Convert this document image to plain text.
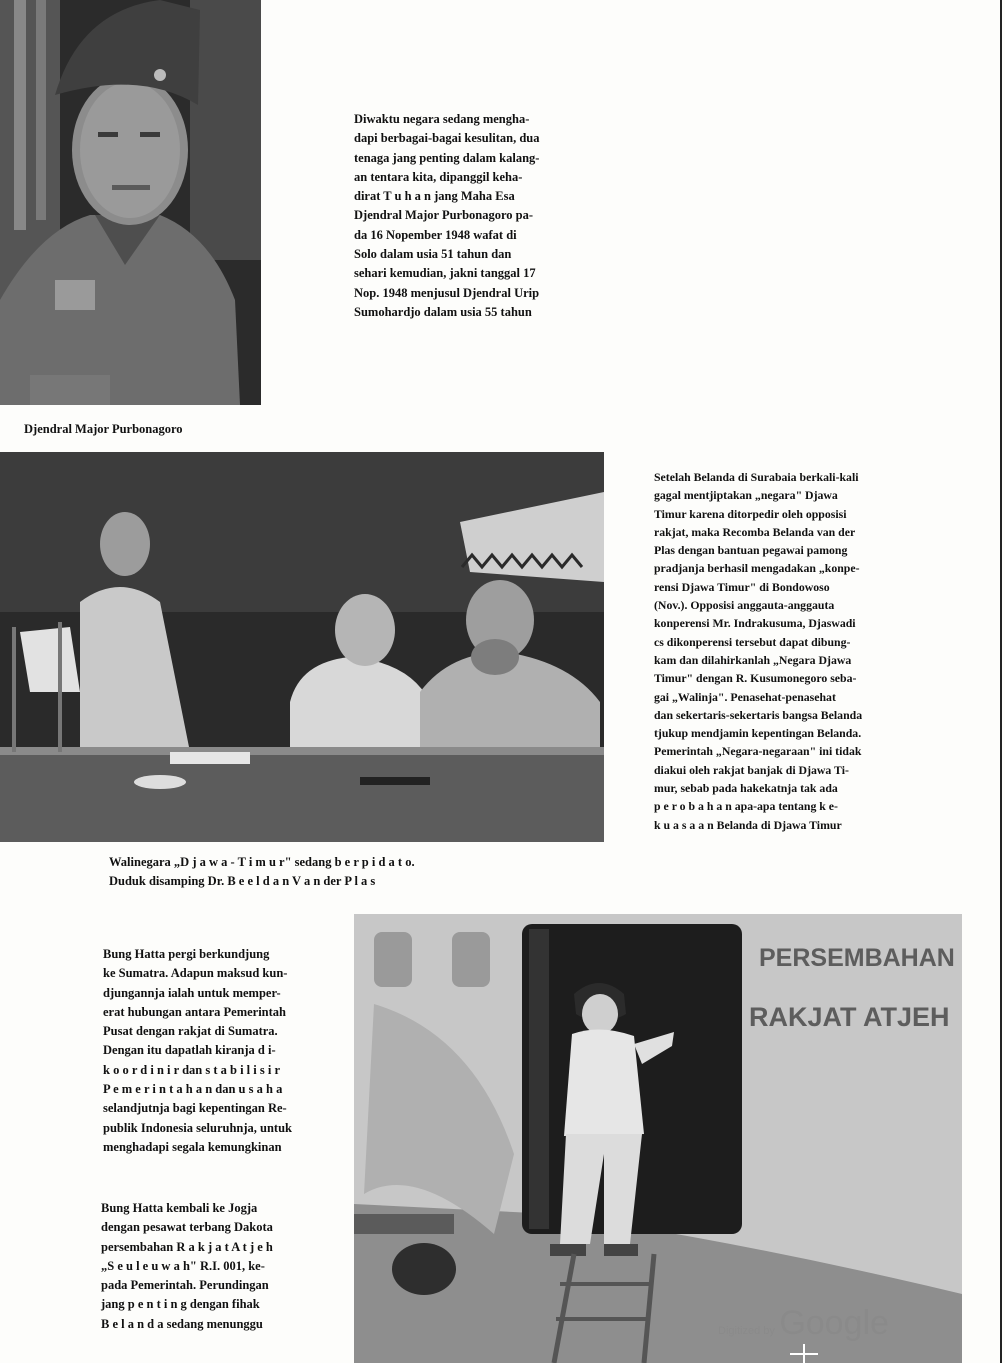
Djendral Major Purbonagoro
Diwaktu negara sedang mengha-
dapi berbagai-bagai kesulitan, dua
tenaga jang penting dalam kalang-
an tentara kita, dipanggil keha-
dirat T u h a n jang Maha Esa
Djendral Major Purbonagoro pa-
da 16 Nopember 1948 wafat di
Solo dalam usia 51 tahun dan
sehari kemudian, jakni tanggal 17
Nop. 1948 menjusul Djendral Urip
Sumohardjo dalam usia 55 tahun
Walinegara „D j a w a - T i m u r" sedang b e r p i d a t o.
Duduk disamping Dr. B e e l d a n V a n der P l a s
Setelah Belanda di Surabaia berkali-kali
gagal mentjiptakan „negara" Djawa
Timur karena ditorpedir oleh opposisi
rakjat, maka Recomba Belanda van der
Plas dengan bantuan pegawai pamong
pradjanja berhasil mengadakan „konpe-
rensi Djawa Timur" di Bondowoso
(Nov.). Opposisi anggauta-anggauta
konperensi Mr. Indrakusuma, Djaswadi
cs dikonperensi tersebut dapat dibung-
kam dan dilahirkanlah „Negara Djawa
Timur" dengan R. Kusumonegoro seba-
gai „Walinja". Penasehat-penasehat
dan sekertaris-sekertaris bangsa Belanda
tjukup mendjamin kepentingan Belanda.
Pemerintah „Negara-negaraan" ini tidak
diakui oleh rakjat banjak di Djawa Ti-
mur, sebab pada hakekatnja tak ada
p e r o b a h a n apa-apa tentang k e-
k u a s a a n Belanda di Djawa Timur
Bung Hatta pergi berkundjung
ke Sumatra. Adapun maksud kun-
djungannja ialah untuk memper-
erat hubungan antara Pemerintah
Pusat dengan rakjat di Sumatra.
Dengan itu dapatlah kiranja d i-
k o o r d i n i r dan s t a b i l i s i r
P e m e r i n t a h a n dan u s a h a
selandjutnja bagi kepentingan Re-
publik Indonesia seluruhnja, untuk
menghadapi segala kemungkinan
Bung Hatta kembali ke Jogja
dengan pesawat terbang Dakota
persembahan R a k j a t A t j e h
„S e u l e u w a h" R.I. 001, ke-
pada Pemerintah. Perundingan
jang p e n t i n g dengan fihak
B e l a n d a sedang menunggu
PERSEMBAHAN
RAKJAT ATJEH
Digitized by Google
